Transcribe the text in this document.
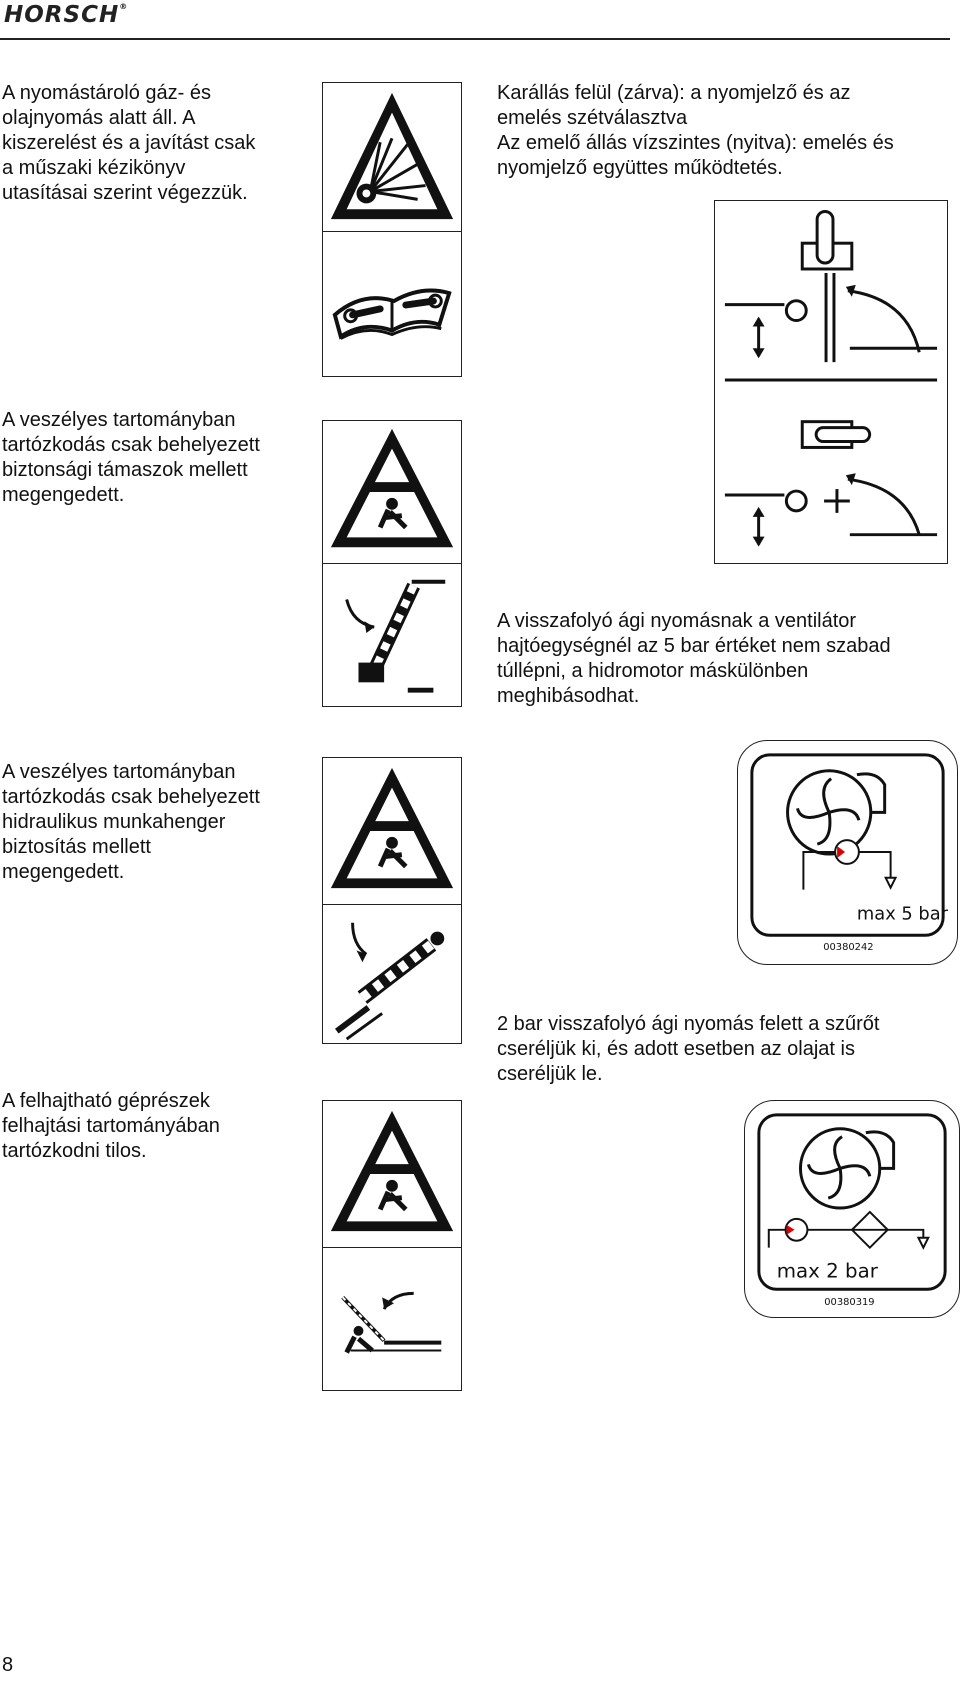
HORSCH®
A nyomástároló gáz- és
olajnyomás alatt áll. A
kiszerelést és a javítást csak
a műszaki kézikönyv
utasításai szerint végezzük.
A veszélyes tartományban
tartózkodás csak behelyezett
biztonsági támaszok mellett
megengedett.
A veszélyes tartományban
tartózkodás csak behelyezett
hidraulikus munkahenger
biztosítás mellett
megengedett.
A felhajtható géprészek
felhajtási tartományában
tartózkodni tilos.
Karállás felül (zárva): a nyomjelző és az
emelés szétválasztva
Az emelő állás vízszintes (nyitva): emelés és
nyomjelző együttes működtetés.
A visszafolyó ági nyomásnak a ventilátor
hajtóegységnél az 5 bar értéket nem szabad
túllépni, a hidromotor máskülönben
meghibásodhat.
2 bar visszafolyó ági nyomás felett a szűrőt
cseréljük ki, és adott esetben az olajat is
cseréljük le.
max 5 bar
00380242
max 2 bar
00380319
8
